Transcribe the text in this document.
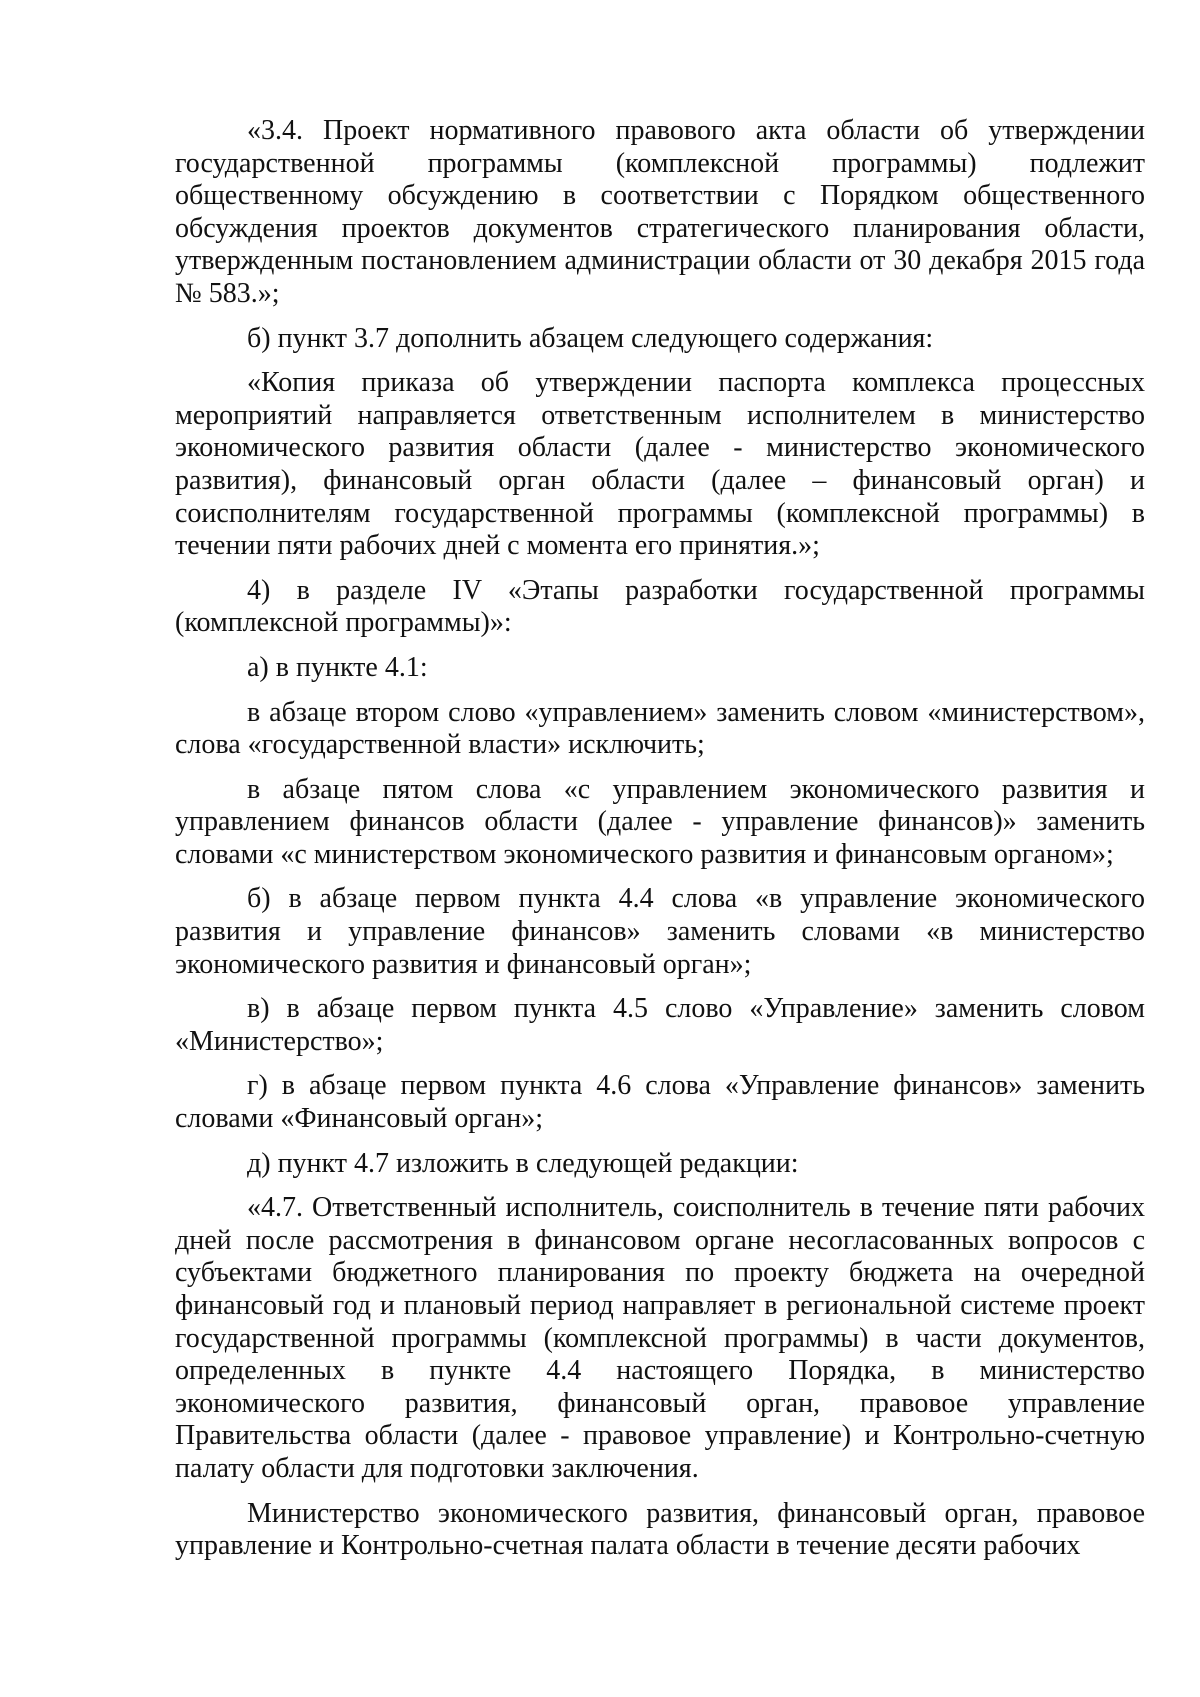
«3.4. Проект нормативного правового акта области об утверждении государственной программы (комплексной программы) подлежит общественному обсуждению в соответствии с Порядком общественного обсуждения проектов документов стратегического планирования области, утвержденным постановлением администрации области от 30 декабря 2015 года № 583.»;

б) пункт 3.7 дополнить абзацем следующего содержания:

«Копия приказа об утверждении паспорта комплекса процессных мероприятий направляется ответственным исполнителем в министерство экономического развития области (далее - министерство экономического развития), финансовый орган области (далее – финансовый орган) и соисполнителям государственной программы (комплексной программы) в течении пяти рабочих дней с момента его принятия.»;

4) в разделе IV «Этапы разработки государственной программы (комплексной программы)»:

а) в пункте 4.1:

в абзаце втором слово «управлением» заменить словом «министерством», слова «государственной власти» исключить;

в абзаце пятом слова «с управлением экономического развития и управлением финансов области (далее - управление финансов)» заменить словами «с министерством экономического развития и финансовым органом»;

б) в абзаце первом пункта 4.4 слова «в управление экономического развития и управление финансов» заменить словами «в министерство экономического развития и финансовый орган»;

в) в абзаце первом пункта 4.5 слово «Управление» заменить словом «Министерство»;

г) в абзаце первом пункта 4.6 слова «Управление финансов» заменить словами «Финансовый орган»;

д) пункт 4.7 изложить в следующей редакции:

«4.7. Ответственный исполнитель, соисполнитель в течение пяти рабочих дней после рассмотрения в финансовом органе несогласованных вопросов с субъектами бюджетного планирования по проекту бюджета на очередной финансовый год и плановый период направляет в региональной системе проект государственной программы (комплексной программы) в части документов, определенных в пункте 4.4 настоящего Порядка, в министерство экономического развития, финансовый орган, правовое управление Правительства области (далее - правовое управление) и Контрольно-счетную палату области для подготовки заключения.

Министерство экономического развития, финансовый орган, правовое управление и Контрольно-счетная палата области в течение десяти рабочих
